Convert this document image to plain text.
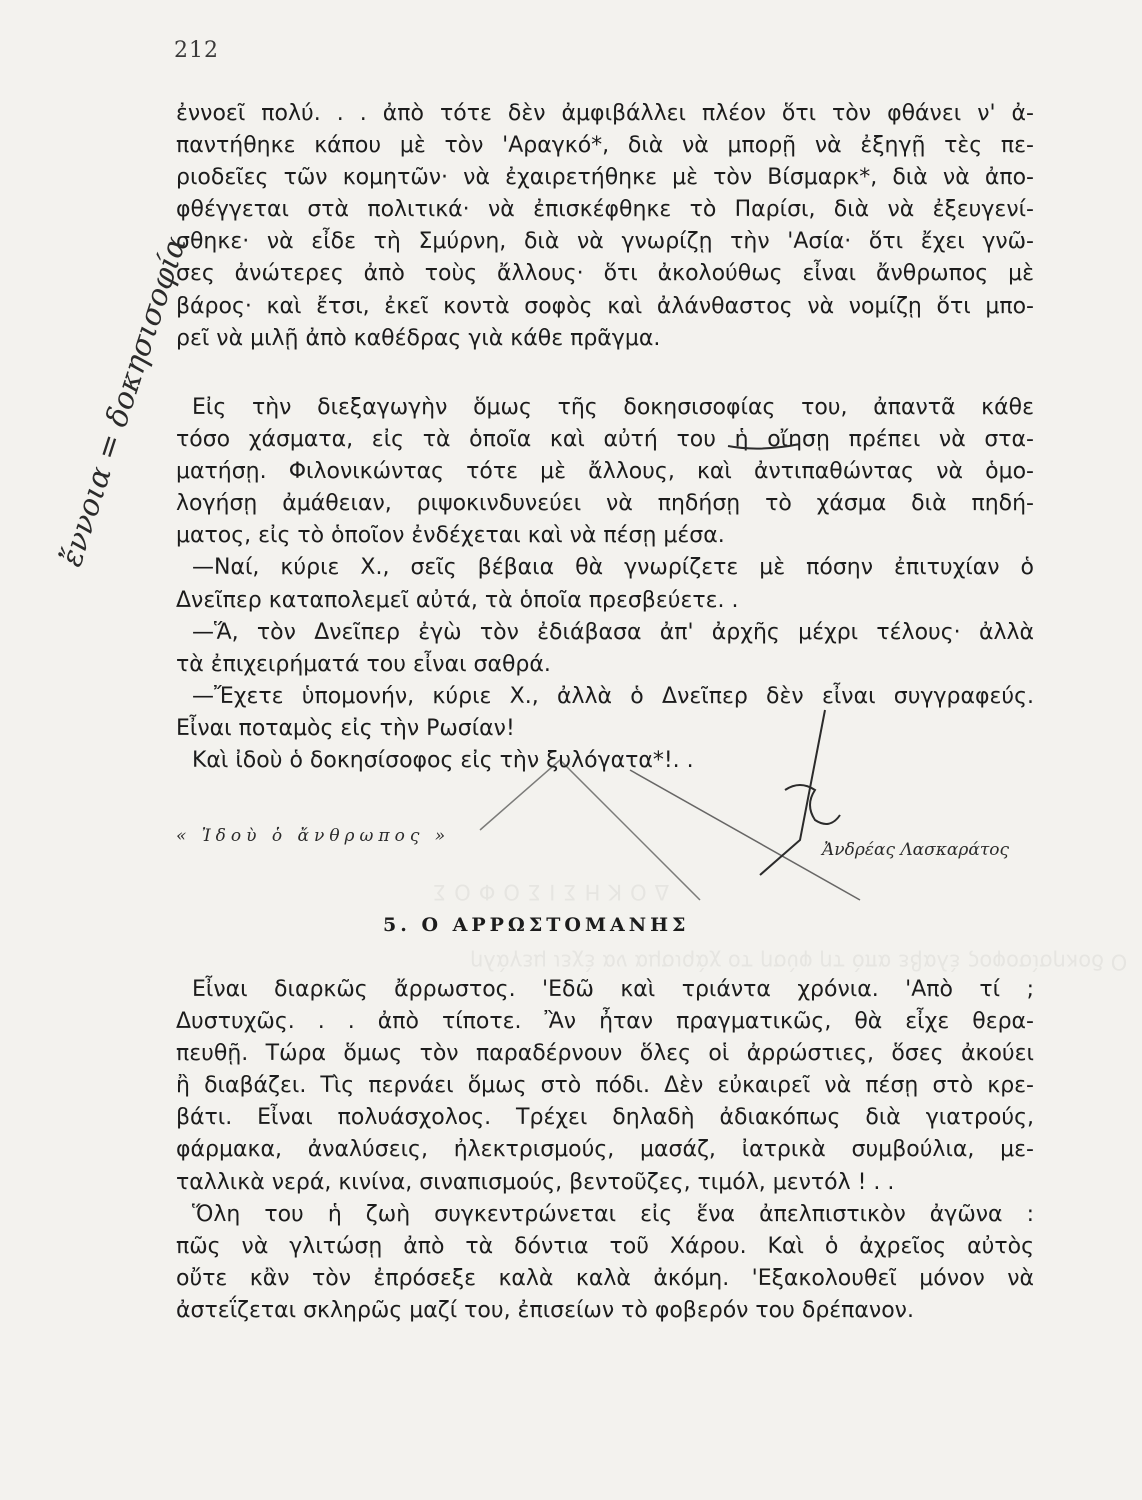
ΔΟΚΗΣΙΣΟΦΟΣ
Ο δοκησίσοφος έλαβε από τη φύση το χάρισμα να έχει μεγάλη
212
ἐννοεῖ πολύ. . . ἀπὸ τότε δὲν ἀμφιβάλλει πλέον ὅτι τὸν φθάνει ν' ἀ-
παντήθηκε κάπου μὲ τὸν 'Αραγκό*, διὰ νὰ μπορῇ νὰ ἐξηγῇ τὲς πε-
ριοδεῖες τῶν κομητῶν· νὰ ἐχαιρετήθηκε μὲ τὸν Βίσμαρκ*, διὰ νὰ ἀπο-
φθέγγεται στὰ πολιτικά· νὰ ἐπισκέφθηκε τὸ Παρίσι, διὰ νὰ ἐξευγενί-
σθηκε· νὰ εἶδε τὴ Σμύρνη, διὰ νὰ γνωρίζῃ τὴν 'Ασία· ὅτι ἔχει γνῶ-
σες ἀνώτερες ἀπὸ τοὺς ἄλλους· ὅτι ἀκολούθως εἶναι ἄνθρωπος μὲ
βάρος· καὶ ἔτσι, ἐκεῖ κοντὰ σοφὸς καὶ ἀλάνθαστος νὰ νομίζῃ ὅτι μπο-
ρεῖ νὰ μιλῇ ἀπὸ καθέδρας γιὰ κάθε πρᾶγμα.
Εἰς τὴν διεξαγωγὴν ὅμως τῆς δοκησισοφίας του, ἀπαντᾶ κάθε
τόσο χάσματα, εἰς τὰ ὁποῖα καὶ αὐτή του ἡ οἴησῃ πρέπει νὰ στα-
ματήσῃ. Φιλονικώντας τότε μὲ ἄλλους, καὶ ἀντιπαθώντας νὰ ὁμο-
λογήσῃ ἀμάθειαν, ριψοκινδυνεύει νὰ πηδήσῃ τὸ χάσμα διὰ πηδή-
ματος, εἰς τὸ ὁποῖον ἐνδέχεται καὶ νὰ πέσῃ μέσα.
—Ναί, κύριε Χ., σεῖς βέβαια θὰ γνωρίζετε μὲ πόσην ἐπιτυχίαν ὁ
Δνεῖπερ καταπολεμεῖ αὐτά, τὰ ὁποῖα πρεσβεύετε. .
—Ἅ, τὸν Δνεῖπερ ἐγὼ τὸν ἐδιάβασα ἀπ' ἀρχῆς μέχρι τέλους· ἀλλὰ
τὰ ἐπιχειρήματά του εἶναι σαθρά.
—Ἔχετε ὑπομονήν, κύριε Χ., ἀλλὰ ὁ Δνεῖπερ δὲν εἶναι συγγραφεύς.
Εἶναι ποταμὸς εἰς τὴν Ρωσίαν!
Καὶ ἰδοὺ ὁ δοκησίσοφος εἰς τὴν ξυλόγατα*!. .
« Ἰδοὺ ὁ ἄνθρωπος »
Ἀνδρέας Λασκαράτος
5. Ο ΑΡΡΩΣΤΟΜΑΝΗΣ
Εἶναι διαρκῶς ἄρρωστος. 'Εδῶ καὶ τριάντα χρόνια. 'Απὸ τί ;
Δυστυχῶς. . . ἀπὸ τίποτε. Ἂν ἦταν πραγματικῶς, θὰ εἶχε θερα-
πευθῇ. Τώρα ὅμως τὸν παραδέρνουν ὅλες οἱ ἀρρώστιες, ὅσες ἀκούει
ἢ διαβάζει. Τὶς περνάει ὅμως στὸ πόδι. Δὲν εὐκαιρεῖ νὰ πέσῃ στὸ κρε-
βάτι. Εἶναι πολυάσχολος. Τρέχει δηλαδὴ ἀδιακόπως διὰ γιατρούς,
φάρμακα, ἀναλύσεις, ἠλεκτρισμούς, μασάζ, ἰατρικὰ συμβούλια, με-
ταλλικὰ νερά, κινίνα, σιναπισμούς, βεντοῦζες, τιμόλ, μεντόλ ! . .
Ὅλη του ἡ ζωὴ συγκεντρώνεται εἰς ἕνα ἀπελπιστικὸν ἀγῶνα :
πῶς νὰ γλιτώσῃ ἀπὸ τὰ δόντια τοῦ Χάρου. Καὶ ὁ ἀχρεῖος αὐτὸς
οὔτε κἂν τὸν ἐπρόσεξε καλὰ καλὰ ἀκόμη. 'Εξακολουθεῖ μόνον νὰ
ἀστεΐζεται σκληρῶς μαζί του, ἐπισείων τὸ φοβερόν του δρέπανον.
ἔννοια = δοκησισοφία
